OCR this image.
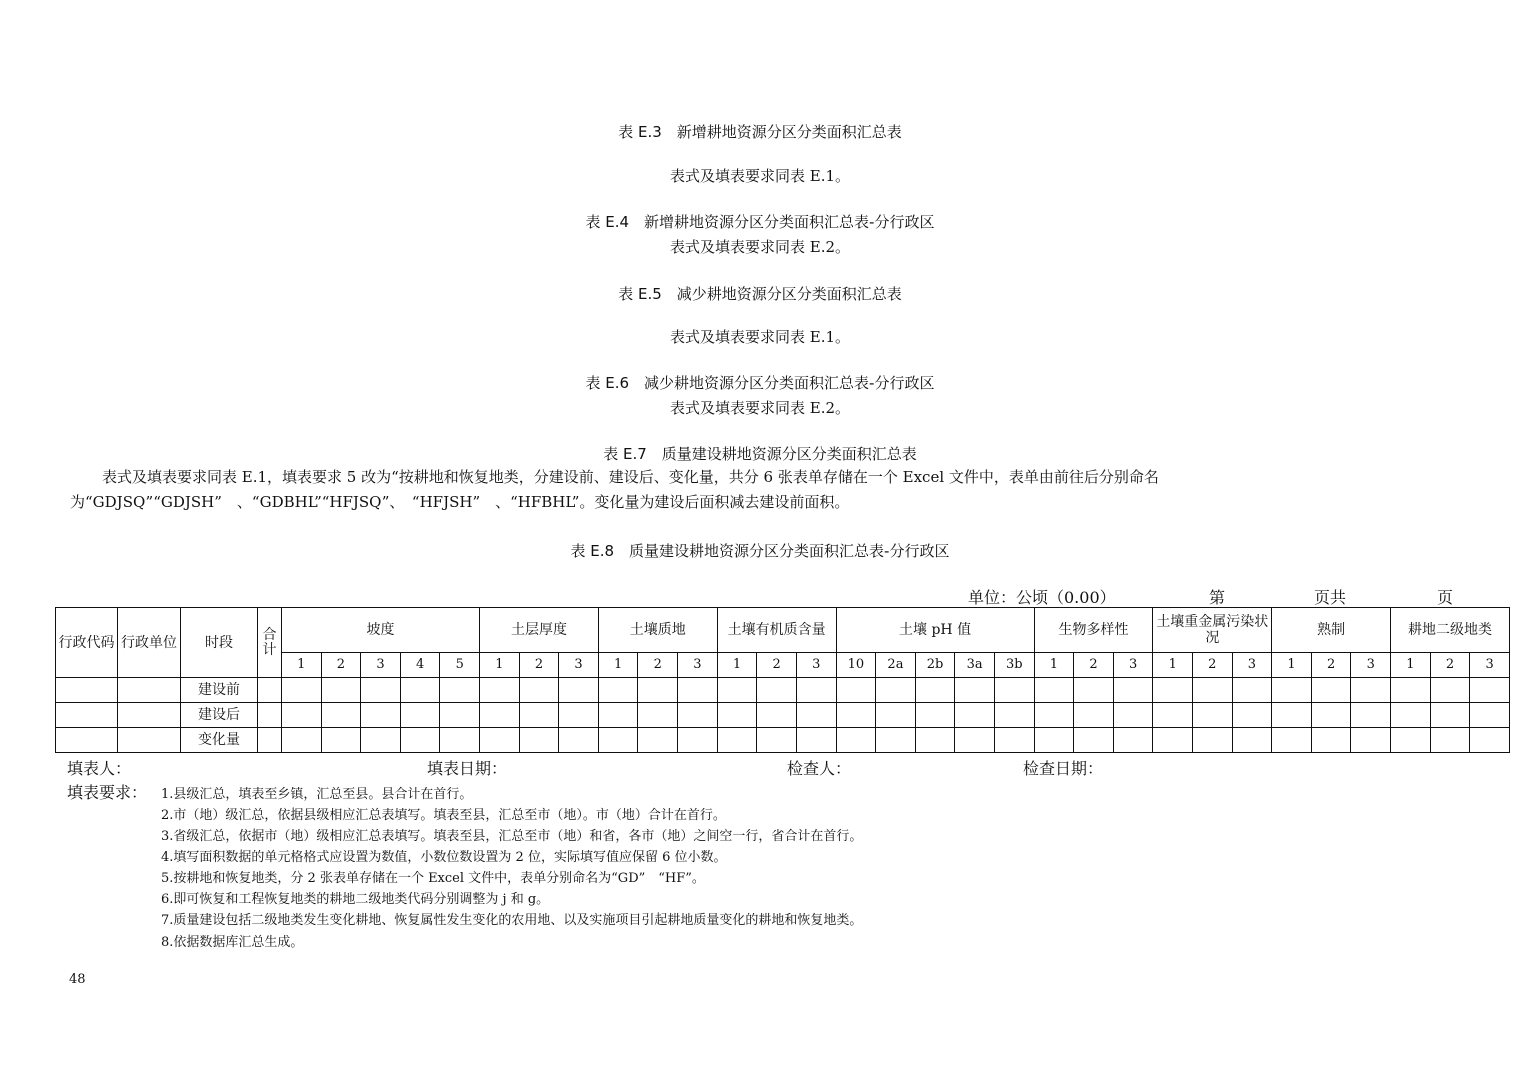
表 E.3　新增耕地资源分区分类面积汇总表
表式及填表要求同表 E.1。
表 E.4　新增耕地资源分区分类面积汇总表-分行政区
表式及填表要求同表 E.2。
表 E.5　减少耕地资源分区分类面积汇总表
表式及填表要求同表 E.1。
表 E.6　减少耕地资源分区分类面积汇总表-分行政区
表式及填表要求同表 E.2。
表 E.7　质量建设耕地资源分区分类面积汇总表
表式及填表要求同表 E.1，填表要求 5 改为“按耕地和恢复地类，分建设前、建设后、变化量，共分 6 张表单存储在一个 Excel 文件中，表单由前往后分别命名为“GDJSQ”“GDJSH”　、“GDBHL”“HFJSQ”、　“HFJSH”　、“HFBHL”。变化量为建设后面积减去建设前面积。
表 E.8　质量建设耕地资源分区分类面积汇总表-分行政区
单位：公顷（0.00）	第	页共	页
行政代码	行政单位	时段	合计	坡度					土层厚度			土壤质地			土壤有机质含量			土壤 pH 值					生物多样性			土壤重金属污染状况			熟制			耕地二级地类		
				1	2	3	4	5	1	2	3	1	2	3	1	2	3	10	2a	2b	3a	3b	1	2	3	1	2	3	1	2	3	1	2	3
		建设前																																
		建设后																																
		变化量																																
填表人：	填表日期：	检查人：	检查日期：
填表要求： 1.县级汇总，填表至乡镇，汇总至县。县合计在首行。
2.市（地）级汇总，依据县级相应汇总表填写。填表至县，汇总至市（地）。市（地）合计在首行。
3.省级汇总，依据市（地）级相应汇总表填写。填表至县，汇总至市（地）和省，各市（地）之间空一行，省合计在首行。
4.填写面积数据的单元格格式应设置为数值，小数位数设置为 2 位，实际填写值应保留 6 位小数。
5.按耕地和恢复地类，分 2 张表单存储在一个 Excel 文件中，表单分别命名为“GD”　“HF”。
6.即可恢复和工程恢复地类的耕地二级地类代码分别调整为 j 和 g。
7.质量建设包括二级地类发生变化耕地、恢复属性发生变化的农用地、以及实施项目引起耕地质量变化的耕地和恢复地类。
8.依据数据库汇总生成。
48
